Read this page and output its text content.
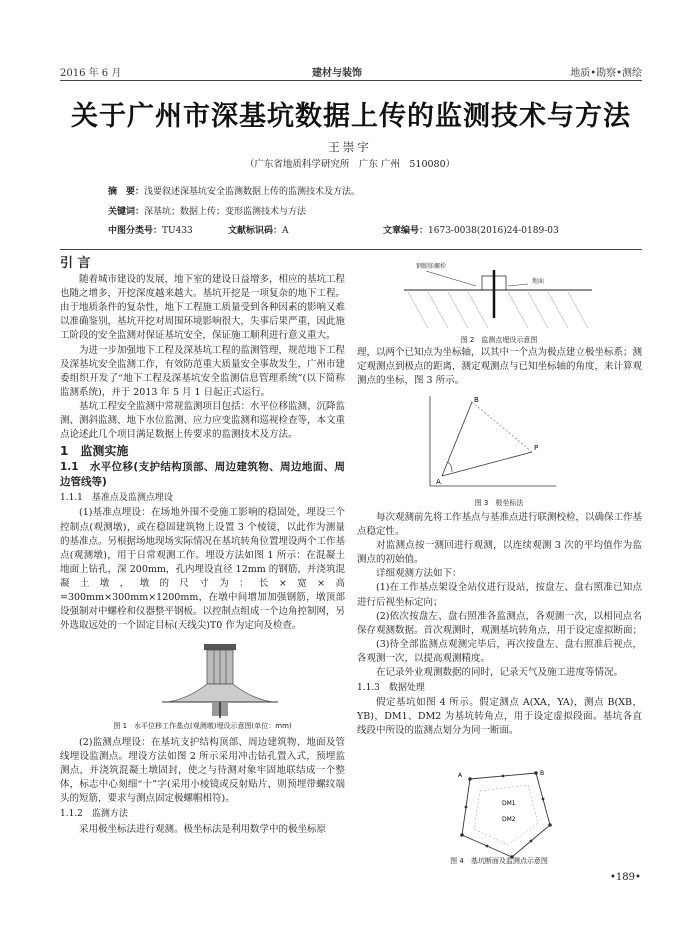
2016 年 6 月	建材与装饰	地质•勘察•测绘
关于广州市深基坑数据上传的监测技术与方法
王崇宇
（广东省地质科学研究所　广东 广州　510080）
摘　要：浅要叙述深基坑安全监测数据上传的监测技术及方法。
关键词：深基坑；数据上传；变形监测技术与方法
中图分类号：TU433	文献标识码：A	文章编号：1673-0038(2016)24-0189-03
引 言

随着城市建设的发展，地下室的建设日益增多，相应的基坑工程也随之增多，开挖深度越来越大。基坑开挖是一项复杂的地下工程。由于地质条件的复杂性，地下工程施工质量受到各种因素的影响又难以准确鉴别，基坑开挖对周围环境影响很大，失事后果严重，因此施工阶段的安全监测对保证基坑安全，保证施工顺利进行意义重大。

为进一步加强地下工程及深基坑工程的监测管理，规范地下工程及深基坑安全监测工作，有效防范重大质量安全事故发生，广州市建委组织开发了“地下工程及深基坑安全监测信息管理系统”(以下简称监测系统)，并于 2013 年 5 月 1 日起正式运行。

基坑工程安全监测中常规监测项目包括：水平位移监测、沉降监测、测斜监测、地下水位监测、应力应变监测和巡视检查等，本文重点论述此几个项目满足数据上传要求的监测技术及方法。

1　监测实施
1.1　水平位移(支护结构顶部、周边建筑物、周边地面、周边管线等)
1.1.1　基准点及监测点埋设

(1)基准点埋设：在场地外围不受施工影响的稳固处，埋设三个控制点(观测墩)，或在稳固建筑物上设置 3 个棱镜，以此作为测量的基准点。另根据场地现场实际情况在基坑转角位置埋设两个工作基点(观测墩)，用于日常观测工作。埋设方法如图 1 所示：在混凝土地面上钻孔，深 200mm，孔内埋设直径 12mm 的钢筋，并浇筑混凝土墩，墩的尺寸为：长×宽×高=300mm×300mm×1200mm，在墩中间增加加强钢筋，墩顶部设强制对中螺栓和仪器整平钢板。以控制点组成一个边角控制网，另外选取远处的一个固定目标(天线尖)T0 作为定向及检查。

图 1　水平位移工作基点(观测墩)埋设示意图(单位：mm)

(2)监测点埋设：在基坑支护结构顶部、周边建筑物、地面及管线埋设监测点。埋设方法如图 2 所示采用冲击钻孔置入式，预埋监测点，并浇筑混凝土墩固封，使之与待测对象牢固地联结成一个整体，标志中心刻细“十”字(采用小棱镜或反射贴片，则预埋带螺纹端头的短筋，要求与测点固定极螺帽相符)。

1.1.2　监测方法

采用极坐标法进行观测。极坐标法是利用数学中的极坐标原

钢膨胀螺栓
地面
图 2　监测点埋设示意图

理，以两个已知点为坐标轴，以其中一个点为极点建立极坐标系；测定观测点到极点的距离，测定观测点与已知坐标轴的角度，来计算观测点的坐标，图 3 所示。

A
B
P
图 3　极坐标法

每次观测前先将工作基点与基准点进行联测校检，以确保工作基点稳定性。

对监测点按一测回进行观测，以连续观测 3 次的平均值作为监测点的初始值。

详细观测方法如下：

(1)在工作基点架设全站仪进行设站，按盘左、盘右照准已知点进行后视坐标定向；

(2)依次按盘左、盘右照准各监测点，各观测一次，以相同点名保存观测数据。首次观测时，观测基坑转角点，用于设定虚拟断面；

(3)待全部监测点观测完毕后，再次按盘左、盘右照准后视点，各观测一次，以提高观测精度。

在记录外业观测数据的同时，记录天气及施工进度等情况。

1.1.3　数据处理

假定基坑如图 4 所示。假定测点 A(XA，YA)，测点 B(XB，YB)，DM1、DM2 为基坑转角点，用于设定虚拟段面。基坑各直线段中所设的监测点划分为同一断面。

A	B
DM1
DM2
图 4　基坑断面及监测点示意图
•189•
